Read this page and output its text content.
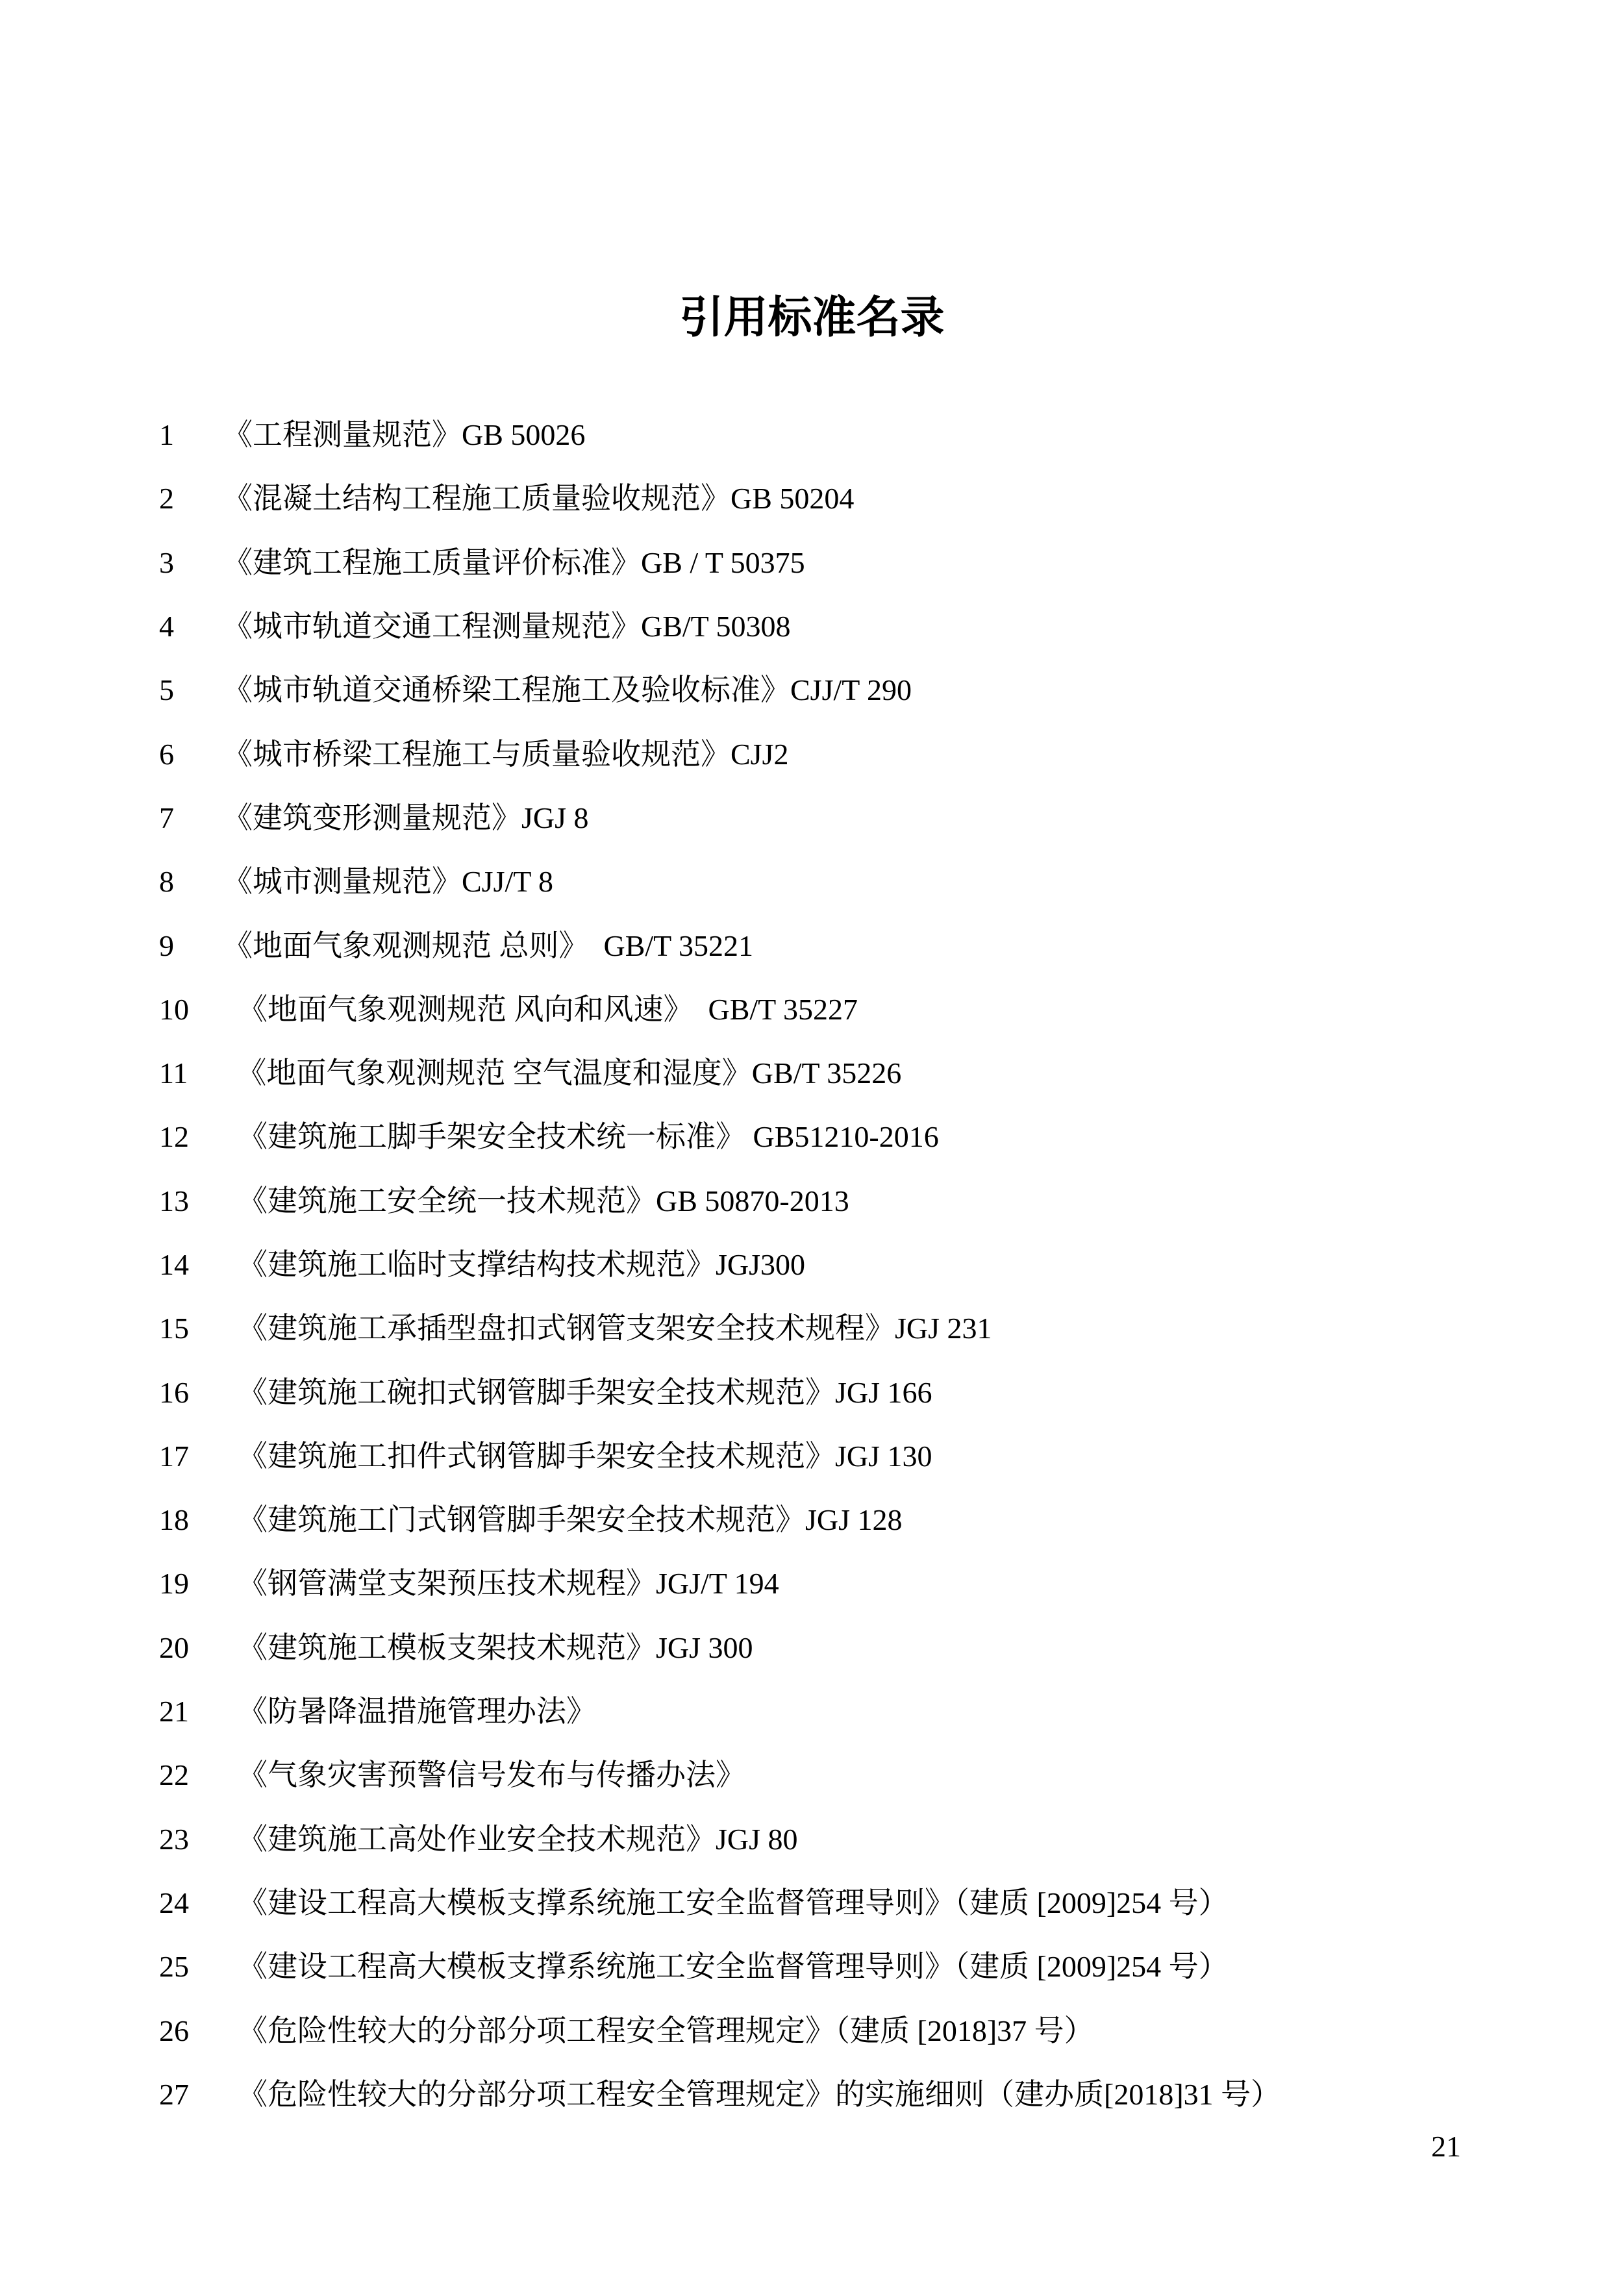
引用标准名录
1 《工程测量规范》GB 50026
2 《混凝土结构工程施工质量验收规范》GB 50204
3 《建筑工程施工质量评价标准》GB / T 50375
4 《城市轨道交通工程测量规范》GB/T 50308
5 《城市轨道交通桥梁工程施工及验收标准》CJJ/T 290
6 《城市桥梁工程施工与质量验收规范》CJJ2
7 《建筑变形测量规范》JGJ 8
8 《城市测量规范》CJJ/T 8
9 《地面气象观测规范 总则》  GB/T 35221
10 《地面气象观测规范 风向和风速》  GB/T 35227
11 《地面气象观测规范 空气温度和湿度》GB/T 35226
12 《建筑施工脚手架安全技术统一标准》 GB51210-2016
13 《建筑施工安全统一技术规范》GB 50870-2013
14 《建筑施工临时支撑结构技术规范》JGJ300
15 《建筑施工承插型盘扣式钢管支架安全技术规程》JGJ 231
16 《建筑施工碗扣式钢管脚手架安全技术规范》JGJ 166
17 《建筑施工扣件式钢管脚手架安全技术规范》JGJ 130
18 《建筑施工门式钢管脚手架安全技术规范》JGJ 128
19 《钢管满堂支架预压技术规程》JGJ/T 194
20 《建筑施工模板支架技术规范》JGJ 300
21 《防暑降温措施管理办法》
22 《气象灾害预警信号发布与传播办法》
23 《建筑施工高处作业安全技术规范》JGJ 80
24 《建设工程高大模板支撑系统施工安全监督管理导则》（建质 [2009]254 号）
25 《建设工程高大模板支撑系统施工安全监督管理导则》（建质 [2009]254 号）
26 《危险性较大的分部分项工程安全管理规定》（建质 [2018]37 号）
27 《危险性较大的分部分项工程安全管理规定》的实施细则（建办质[2018]31 号）
21
